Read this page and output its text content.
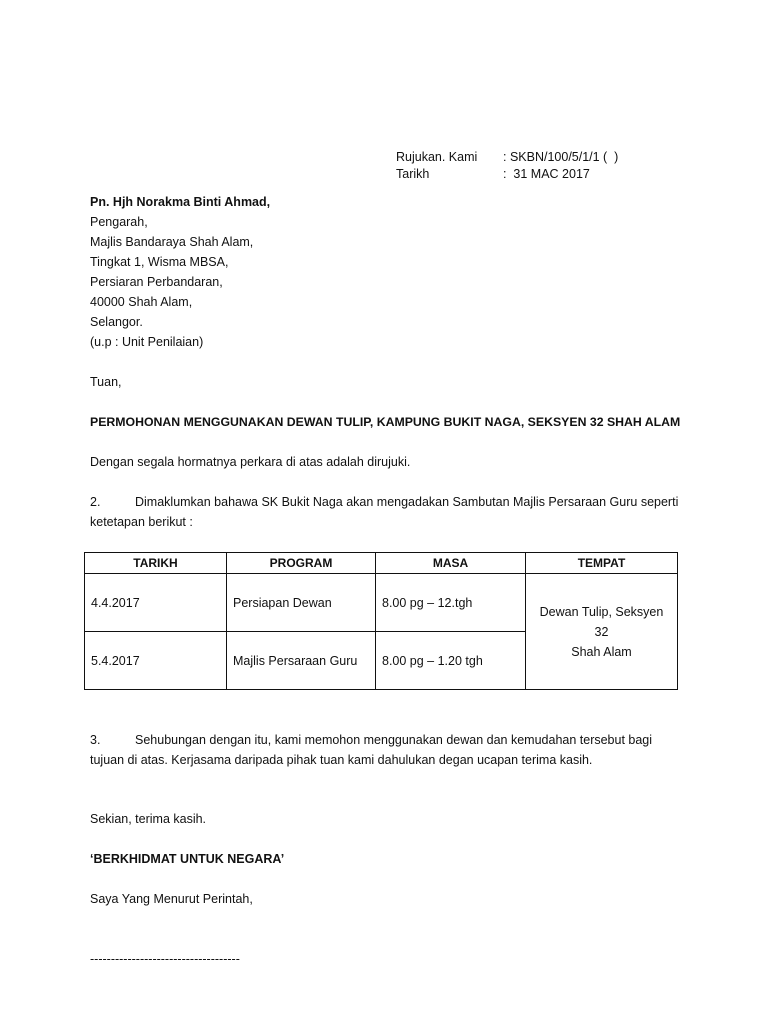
Rujukan. Kami : SKBN/100/5/1/1 (  )
Tarikh	:  31 MAC 2017
Pn. Hjh Norakma Binti Ahmad,
Pengarah,
Majlis Bandaraya Shah Alam,
Tingkat 1, Wisma MBSA,
Persiaran Perbandaran,
40000 Shah Alam,
Selangor.
(u.p : Unit Penilaian)
Tuan,
PERMOHONAN MENGGUNAKAN DEWAN TULIP, KAMPUNG BUKIT NAGA, SEKSYEN 32 SHAH ALAM
Dengan segala hormatnya perkara di atas adalah dirujuki.
2.	Dimaklumkan bahawa SK Bukit Naga akan mengadakan Sambutan Majlis Persaraan Guru seperti ketetapan berikut :
TARIKH	PROGRAM	MASA	TEMPAT
4.4.2017	Persiapan Dewan	8.00 pg – 12.tgh	Dewan Tulip, Seksyen
32
Shah Alam

5.4.2017	Majlis Persaraan Guru	8.00 pg – 1.20 tgh	
3.	Sehubungan dengan itu, kami memohon menggunakan dewan dan kemudahan tersebut bagi tujuan di atas. Kerjasama daripada pihak tuan kami dahulukan degan ucapan terima kasih.
Sekian, terima kasih.
‘BERKHIDMAT UNTUK NEGARA’
Saya Yang Menurut Perintah,
------------------------------------
